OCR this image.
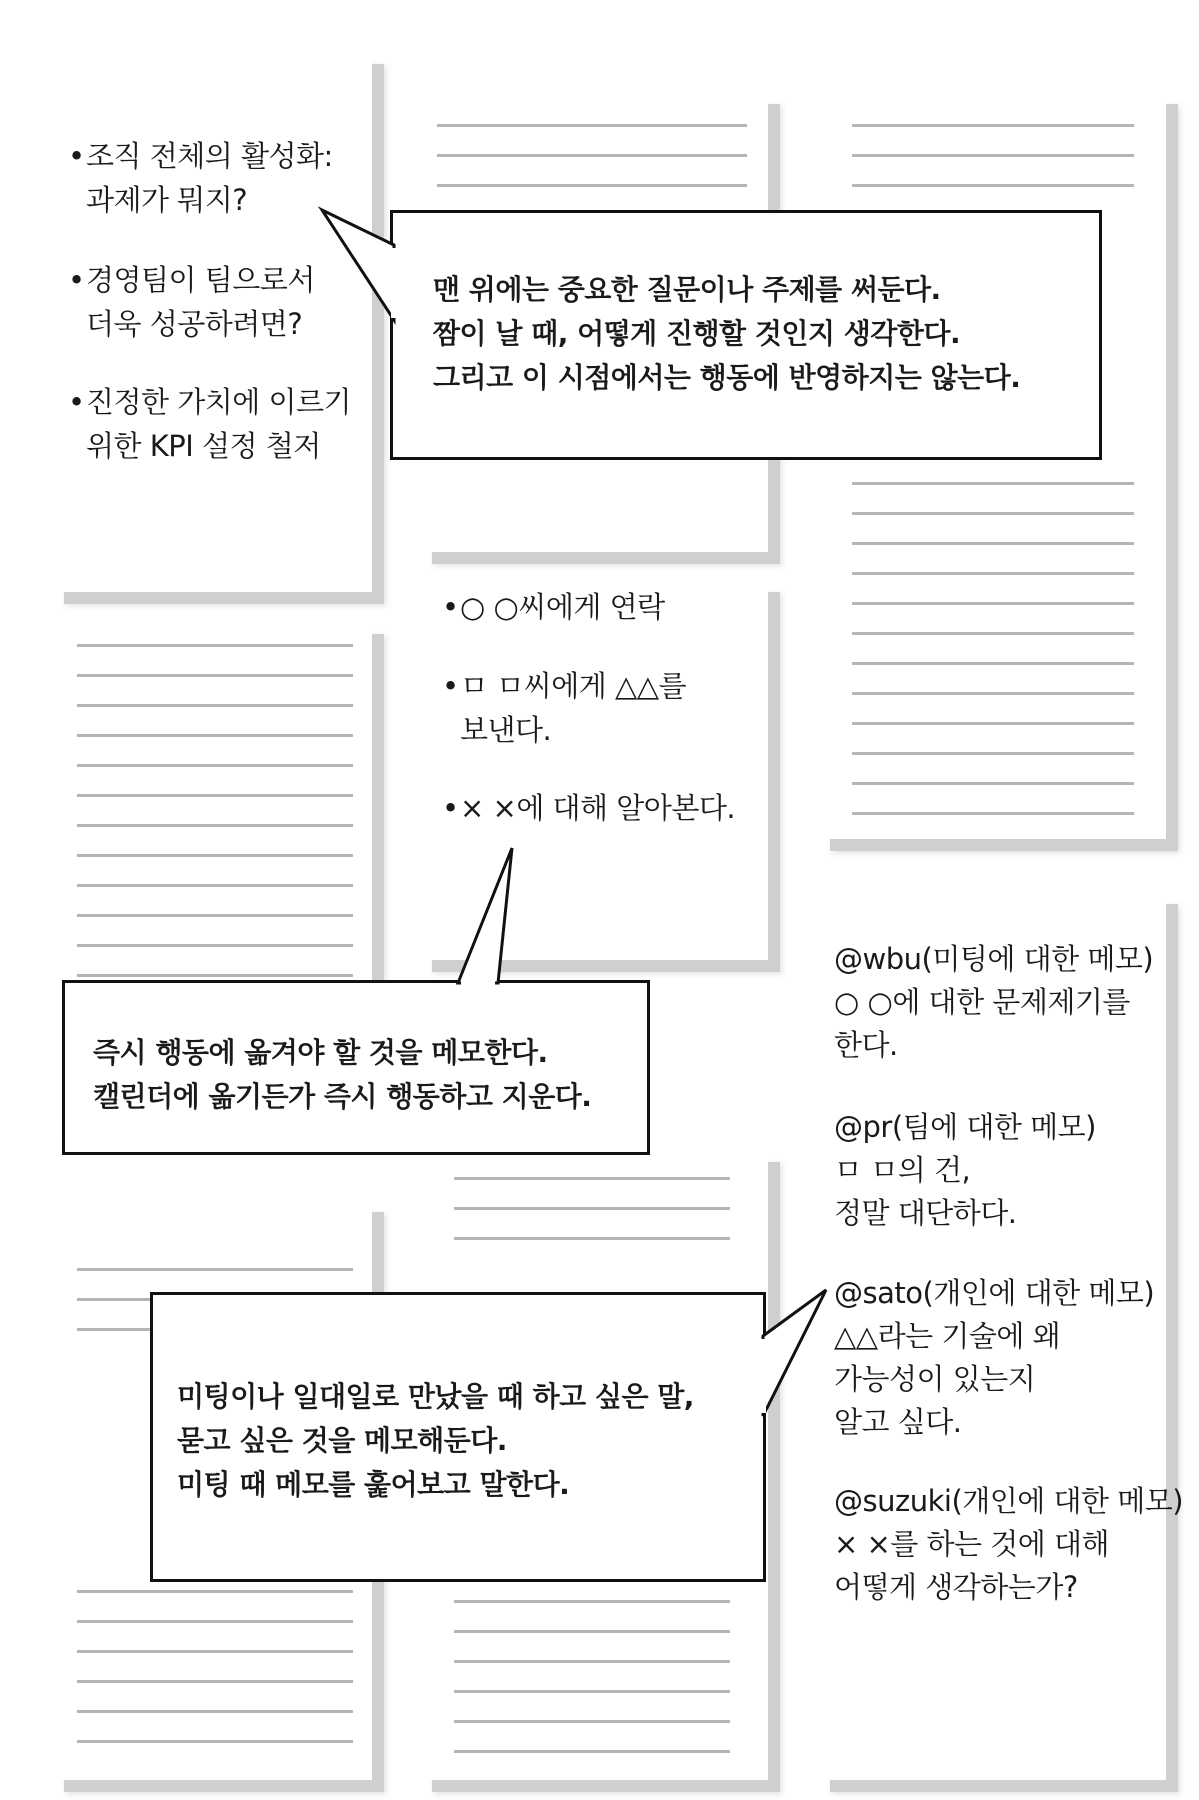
•조직 전체의 활성화:
과제가 뭐지?
•경영팀이 팀으로서
더욱 성공하려면?
•진정한 가치에 이르기
위한 KPI 설정 철저
•○ ○씨에게 연락
•ㅁ ㅁ씨에게 △△를
보낸다.
•× ×에 대해 알아본다.

@wbu(미팅에 대한 메모)

○ ○에 대한 문제제기를

한다.

@pr(팀에 대한 메모)

ㅁ ㅁ의 건,

정말 대단하다.

@sato(개인에 대한 메모)

△△라는 기술에 왜

가능성이 있는지

알고 싶다.

@suzuki(개인에 대한 메모)

× ×를 하는 것에 대해

어떻게 생각하는가?

맨 위에는 중요한 질문이나 주제를 써둔다.

짬이 날 때, 어떻게 진행할 것인지 생각한다.

그리고 이 시점에서는 행동에 반영하지는 않는다.

즉시 행동에 옮겨야 할 것을 메모한다.

캘린더에 옮기든가 즉시 행동하고 지운다.

미팅이나 일대일로 만났을 때 하고 싶은 말,

묻고 싶은 것을 메모해둔다.

미팅 때 메모를 훑어보고 말한다.
